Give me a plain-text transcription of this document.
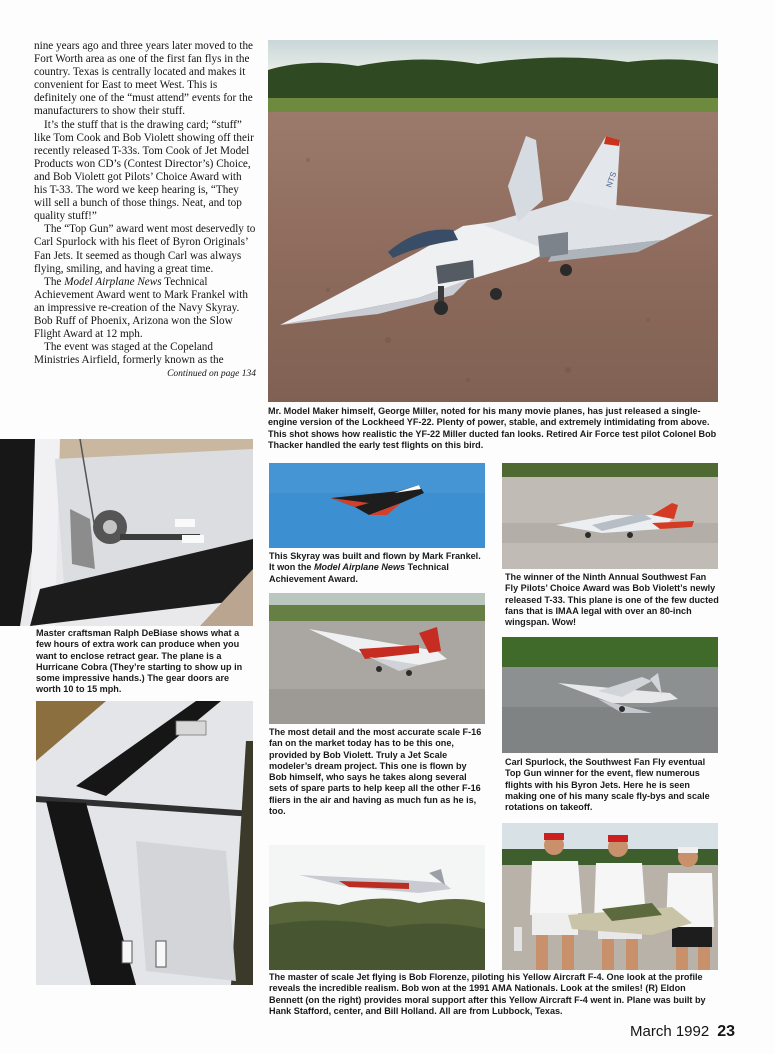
nine years ago and three years later moved to the Fort Worth area as one of the first fan flys in the country. Texas is centrally located and makes it convenient for East to meet West. This is definitely one of the “must attend” events for the manufacturers to show their stuff.

It’s the stuff that is the drawing card; “stuff” like Tom Cook and Bob Violett showing off their recently released T-33s. Tom Cook of Jet Model Products won CD’s (Contest Director’s) Choice, and Bob Violett got Pilots’ Choice Award with his T-33. The word we keep hearing is, “They will sell a bunch of those things. Neat, and top quality stuff!”

The “Top Gun” award went most deservedly to Carl Spurlock with his fleet of Byron Originals’ Fan Jets. It seemed as though Carl was always flying, smiling, and having a great time.

The Model Airplane News Technical Achievement Award went to Mark Frankel with an impressive re-creation of the Navy Skyray. Bob Ruff of Phoenix, Arizona won the Slow Flight Award at 12 mph.

The event was staged at the Copeland Ministries Airfield, formerly known as the

Continued on page 134
NTS
Mr. Model Maker himself, George Miller, noted for his many movie planes, has just released a single-engine version of the Lockheed YF-22. Plenty of power, stable, and extremely intimidating from above. This shot shows how realistic the YF-22 Miller ducted fan looks. Retired Air Force test pilot Colonel Bob Thacker handled the early test flights on this bird.
Master craftsman Ralph DeBiase shows what a few hours of extra work can produce when you want to enclose retract gear. The plane is a Hurricane Cobra (They’re starting to show up in some impressive hands.) The gear doors are worth 10 to 15 mph.
This Skyray was built and flown by Mark Frankel. It won the Model Airplane News Technical Achievement Award.	The winner of the Ninth Annual Southwest Fan Fly Pilots’ Choice Award was Bob Violett’s newly released T-33. This plane is one of the few ducted fans that is IMAA legal with over an 80-inch wingspan. Wow!
The most detail and the most accurate scale F-16 fan on the market today has to be this one, provided by Bob Violett. Truly a Jet Scale modeler’s dream project. This one is flown by Bob himself, who says he takes along several sets of spare parts to help keep all the other F-16 fliers in the air and having as much fun as he is, too.
Carl Spurlock, the Southwest Fan Fly eventual Top Gun winner for the event, flew numerous flights with his Byron Jets. Here he is seen making one of his many scale fly-bys and scale rotations on takeoff.
The master of scale Jet flying is Bob Florenze, piloting his Yellow Aircraft F-4. One look at the profile reveals the incredible realism. Bob won at the 1991 AMA Nationals. Look at the smiles! (R) Eldon Bennett (on the right) provides moral support after this Yellow Aircraft F-4 went in. Plane was built by Hank Stafford, center, and Bill Holland. All are from Lubbock, Texas.
March 1992 23
